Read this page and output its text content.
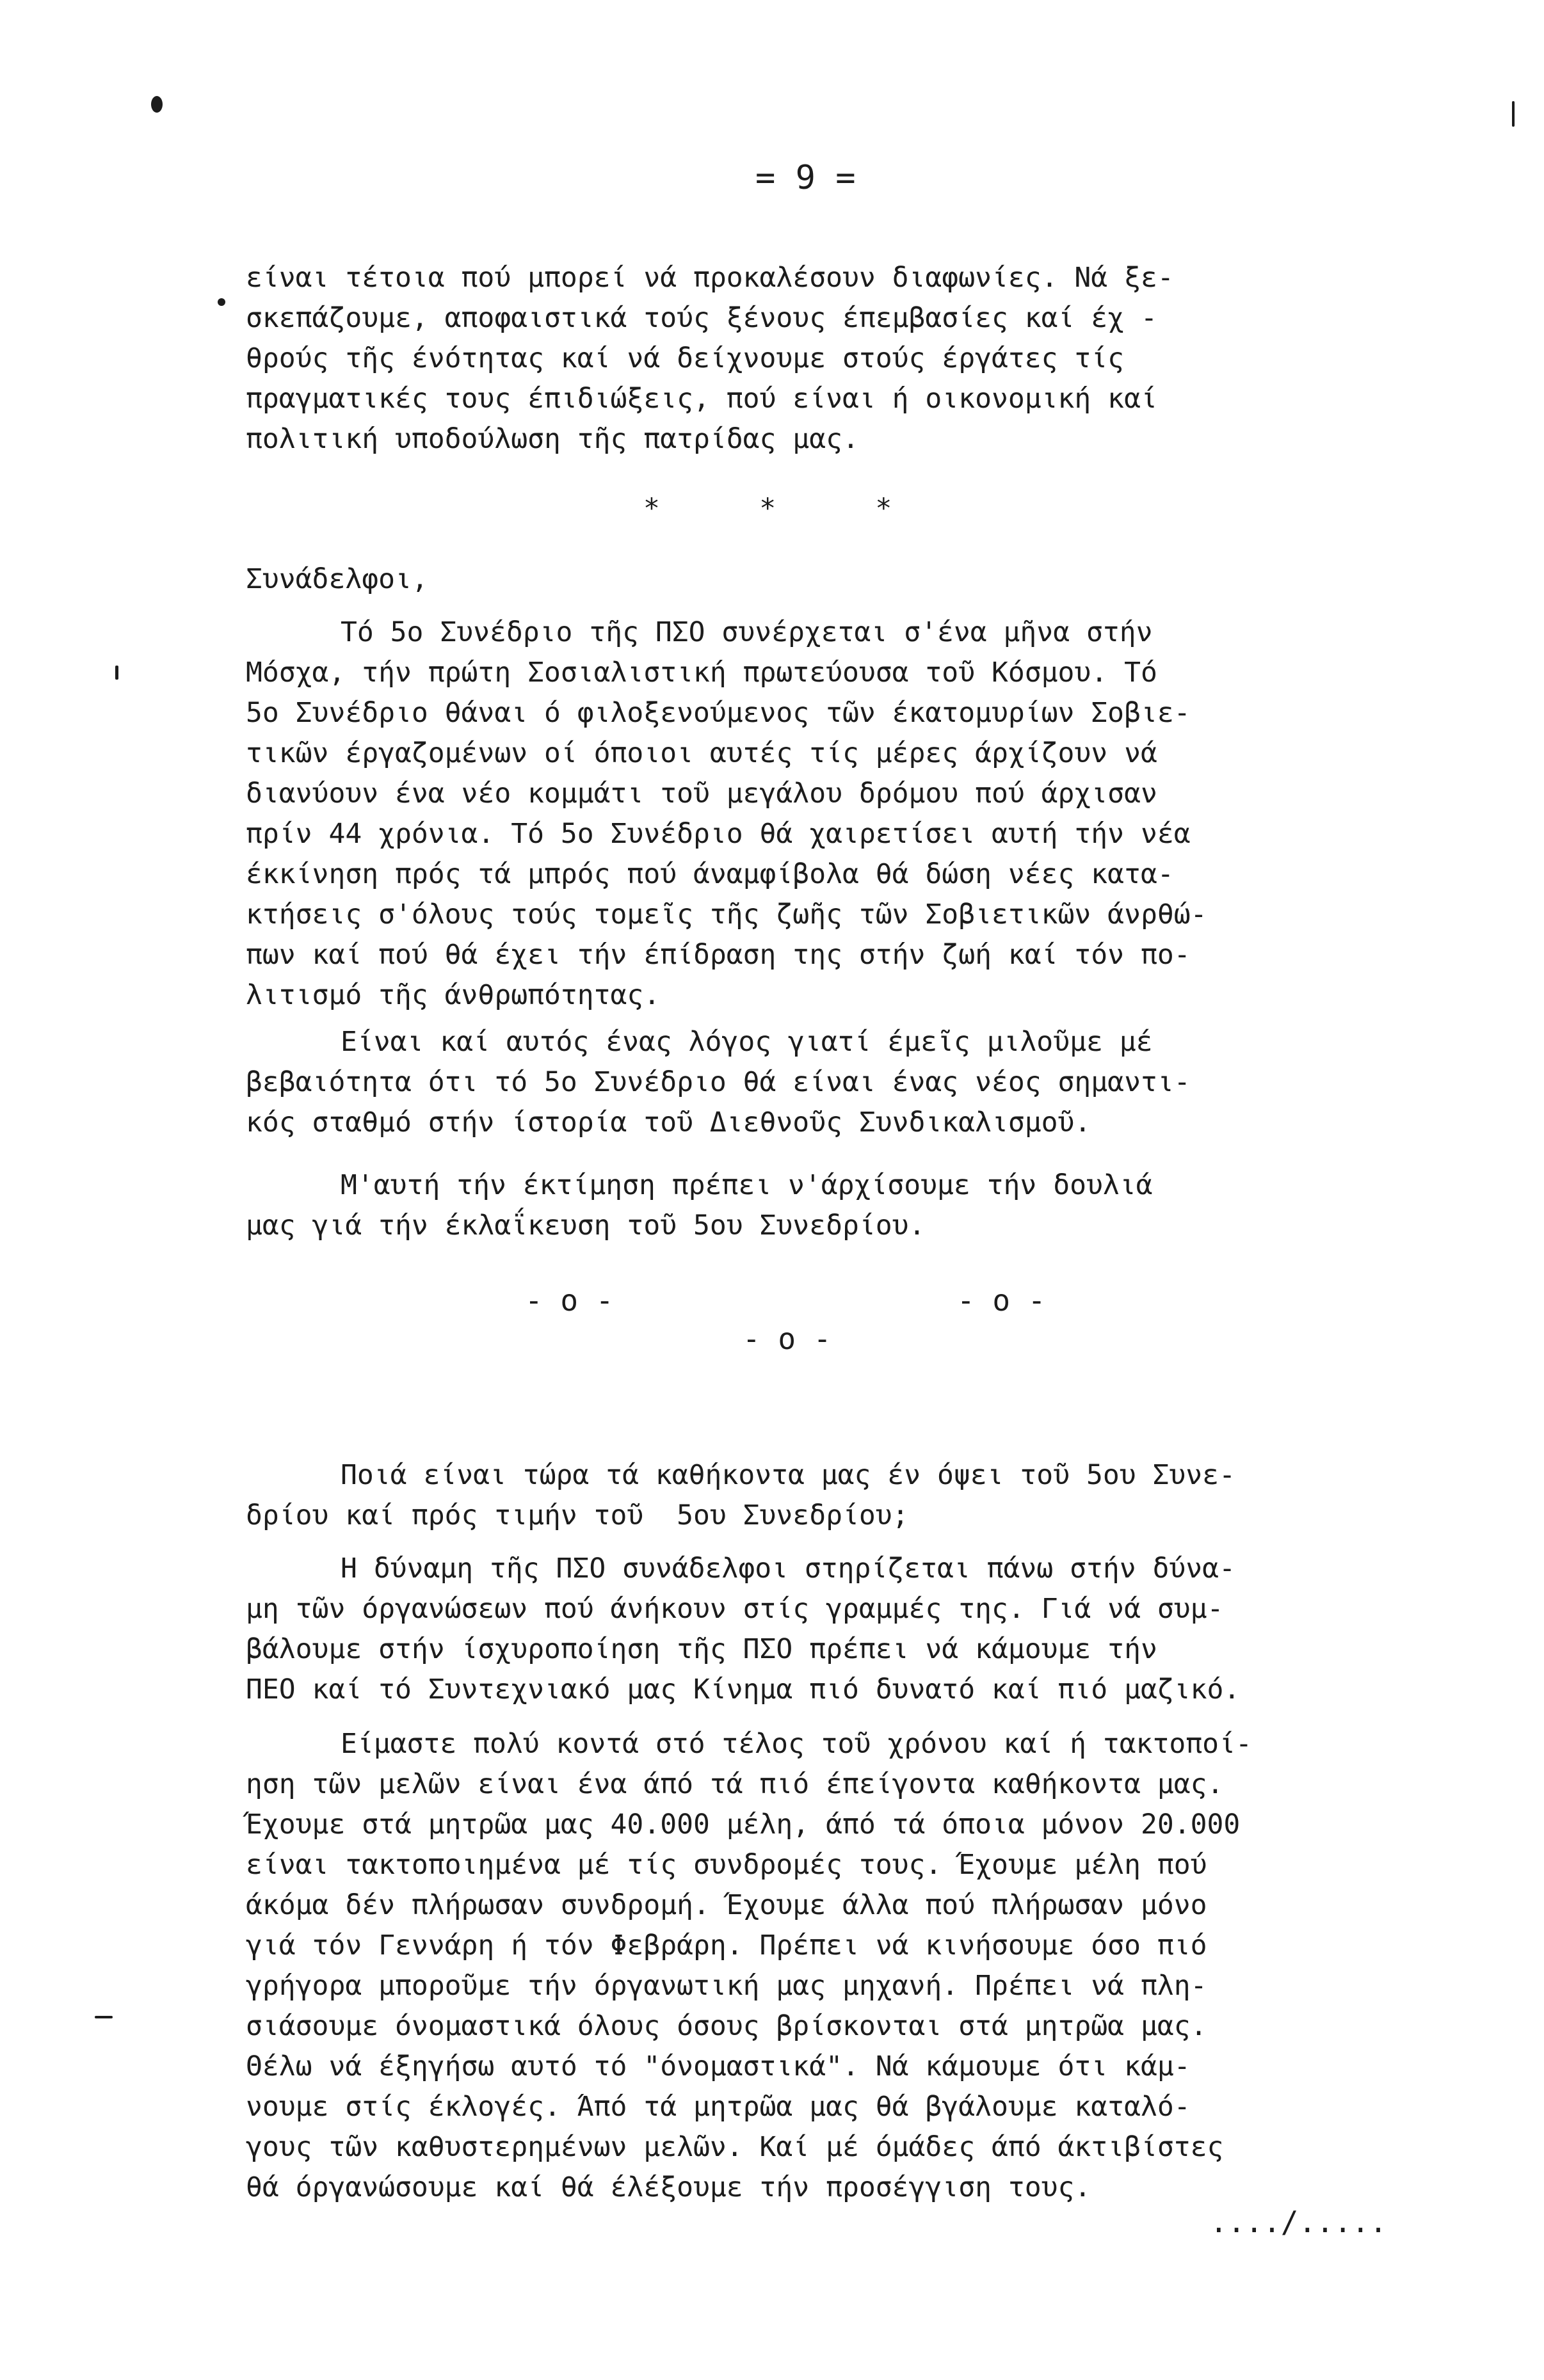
= 9 =
είναι τέτοια πού μπορεί νά προκαλέσουν διαφωνίες. Νά ξε-
σκεπάζουμε, αποφαιστικά τούς ξένους έπεμβασίες καί έχ -
θρούς τῆς ένότητας καί νά δείχνουμε στούς έργάτες τίς
πραγματικές τους έπιδιώξεις, πού είναι ή οικονομική καί
πολιτική υποδούλωση τῆς πατρίδας μας.
*      *      *
Συνάδελφοι,
Τό 5ο Συνέδριο τῆς ΠΣΟ συνέρχεται σ'ένα μῆνα στήν
Μόσχα, τήν πρώτη Σοσιαλιστική πρωτεύουσα τοῦ Κόσμου. Τό
5ο Συνέδριο θάναι ό φιλοξενούμενος τῶν έκατομυρίων Σοβιε-
τικῶν έργαζομένων οί όποιοι αυτές τίς μέρες άρχίζουν νά
διανύουν ένα νέο κομμάτι τοῦ μεγάλου δρόμου πού άρχισαν
πρίν 44 χρόνια. Τό 5ο Συνέδριο θά χαιρετίσει αυτή τήν νέα
έκκίνηση πρός τά μπρός πού άναμφίβολα θά δώση νέες κατα-
κτήσεις σ'όλους τούς τομεῖς τῆς ζωῆς τῶν Σοβιετικῶν άνρθώ-
πων καί πού θά έχει τήν έπίδραση της στήν ζωή καί τόν πο-
λιτισμό τῆς άνθρωπότητας.
Είναι καί αυτός ένας λόγος γιατί έμεῖς μιλοῦμε μέ
βεβαιότητα ότι τό 5ο Συνέδριο θά είναι ένας νέος σημαντι-
κός σταθμό στήν ίστορία τοῦ Διεθνοῦς Συνδικαλισμοῦ.
Μ'αυτή τήν έκτίμηση πρέπει ν'άρχίσουμε τήν δουλιά
μας γιά τήν έκλαΐκευση τοῦ 5ου Συνεδρίου.
- o -	- o -
- o -
Ποιά είναι τώρα τά καθήκοντα μας έν όψει τοῦ 5ου Συνε-
δρίου καί πρός τιμήν τοῦ  5ου Συνεδρίου;
Η δύναμη τῆς ΠΣΟ συνάδελφοι στηρίζεται πάνω στήν δύνα-
μη τῶν όργανώσεων πού άνήκουν στίς γραμμές της. Γιά νά συμ-
βάλουμε στήν ίσχυροποίηση τῆς ΠΣΟ πρέπει νά κάμουμε τήν
ΠΕΟ καί τό Συντεχνιακό μας Κίνημα πιό δυνατό καί πιό μαζικό.
Είμαστε πολύ κοντά στό τέλος τοῦ χρόνου καί ή τακτοποί-
ηση τῶν μελῶν είναι ένα άπό τά πιό έπείγοντα καθήκοντα μας.
Έχουμε στά μητρῶα μας 40.000 μέλη, άπό τά όποια μόνον 20.000
είναι τακτοποιημένα μέ τίς συνδρομές τους. Έχουμε μέλη πού
άκόμα δέν πλήρωσαν συνδρομή. Έχουμε άλλα πού πλήρωσαν μόνο
γιά τόν Γεννάρη ή τόν Φεβράρη. Πρέπει νά κινήσουμε όσο πιό
γρήγορα μποροῦμε τήν όργανωτική μας μηχανή. Πρέπει νά πλη-
σιάσουμε όνομαστικά όλους όσους βρίσκονται στά μητρῶα μας.
Θέλω νά έξηγήσω αυτό τό "όνομαστικά". Νά κάμουμε ότι κάμ-
νουμε στίς έκλογές. Άπό τά μητρῶα μας θά βγάλουμε καταλό-
γους τῶν καθυστερημένων μελῶν. Καί μέ όμάδες άπό άκτιβίστες
θά όργανώσουμε καί θά έλέξουμε τήν προσέγγιση τους.
..../.....
